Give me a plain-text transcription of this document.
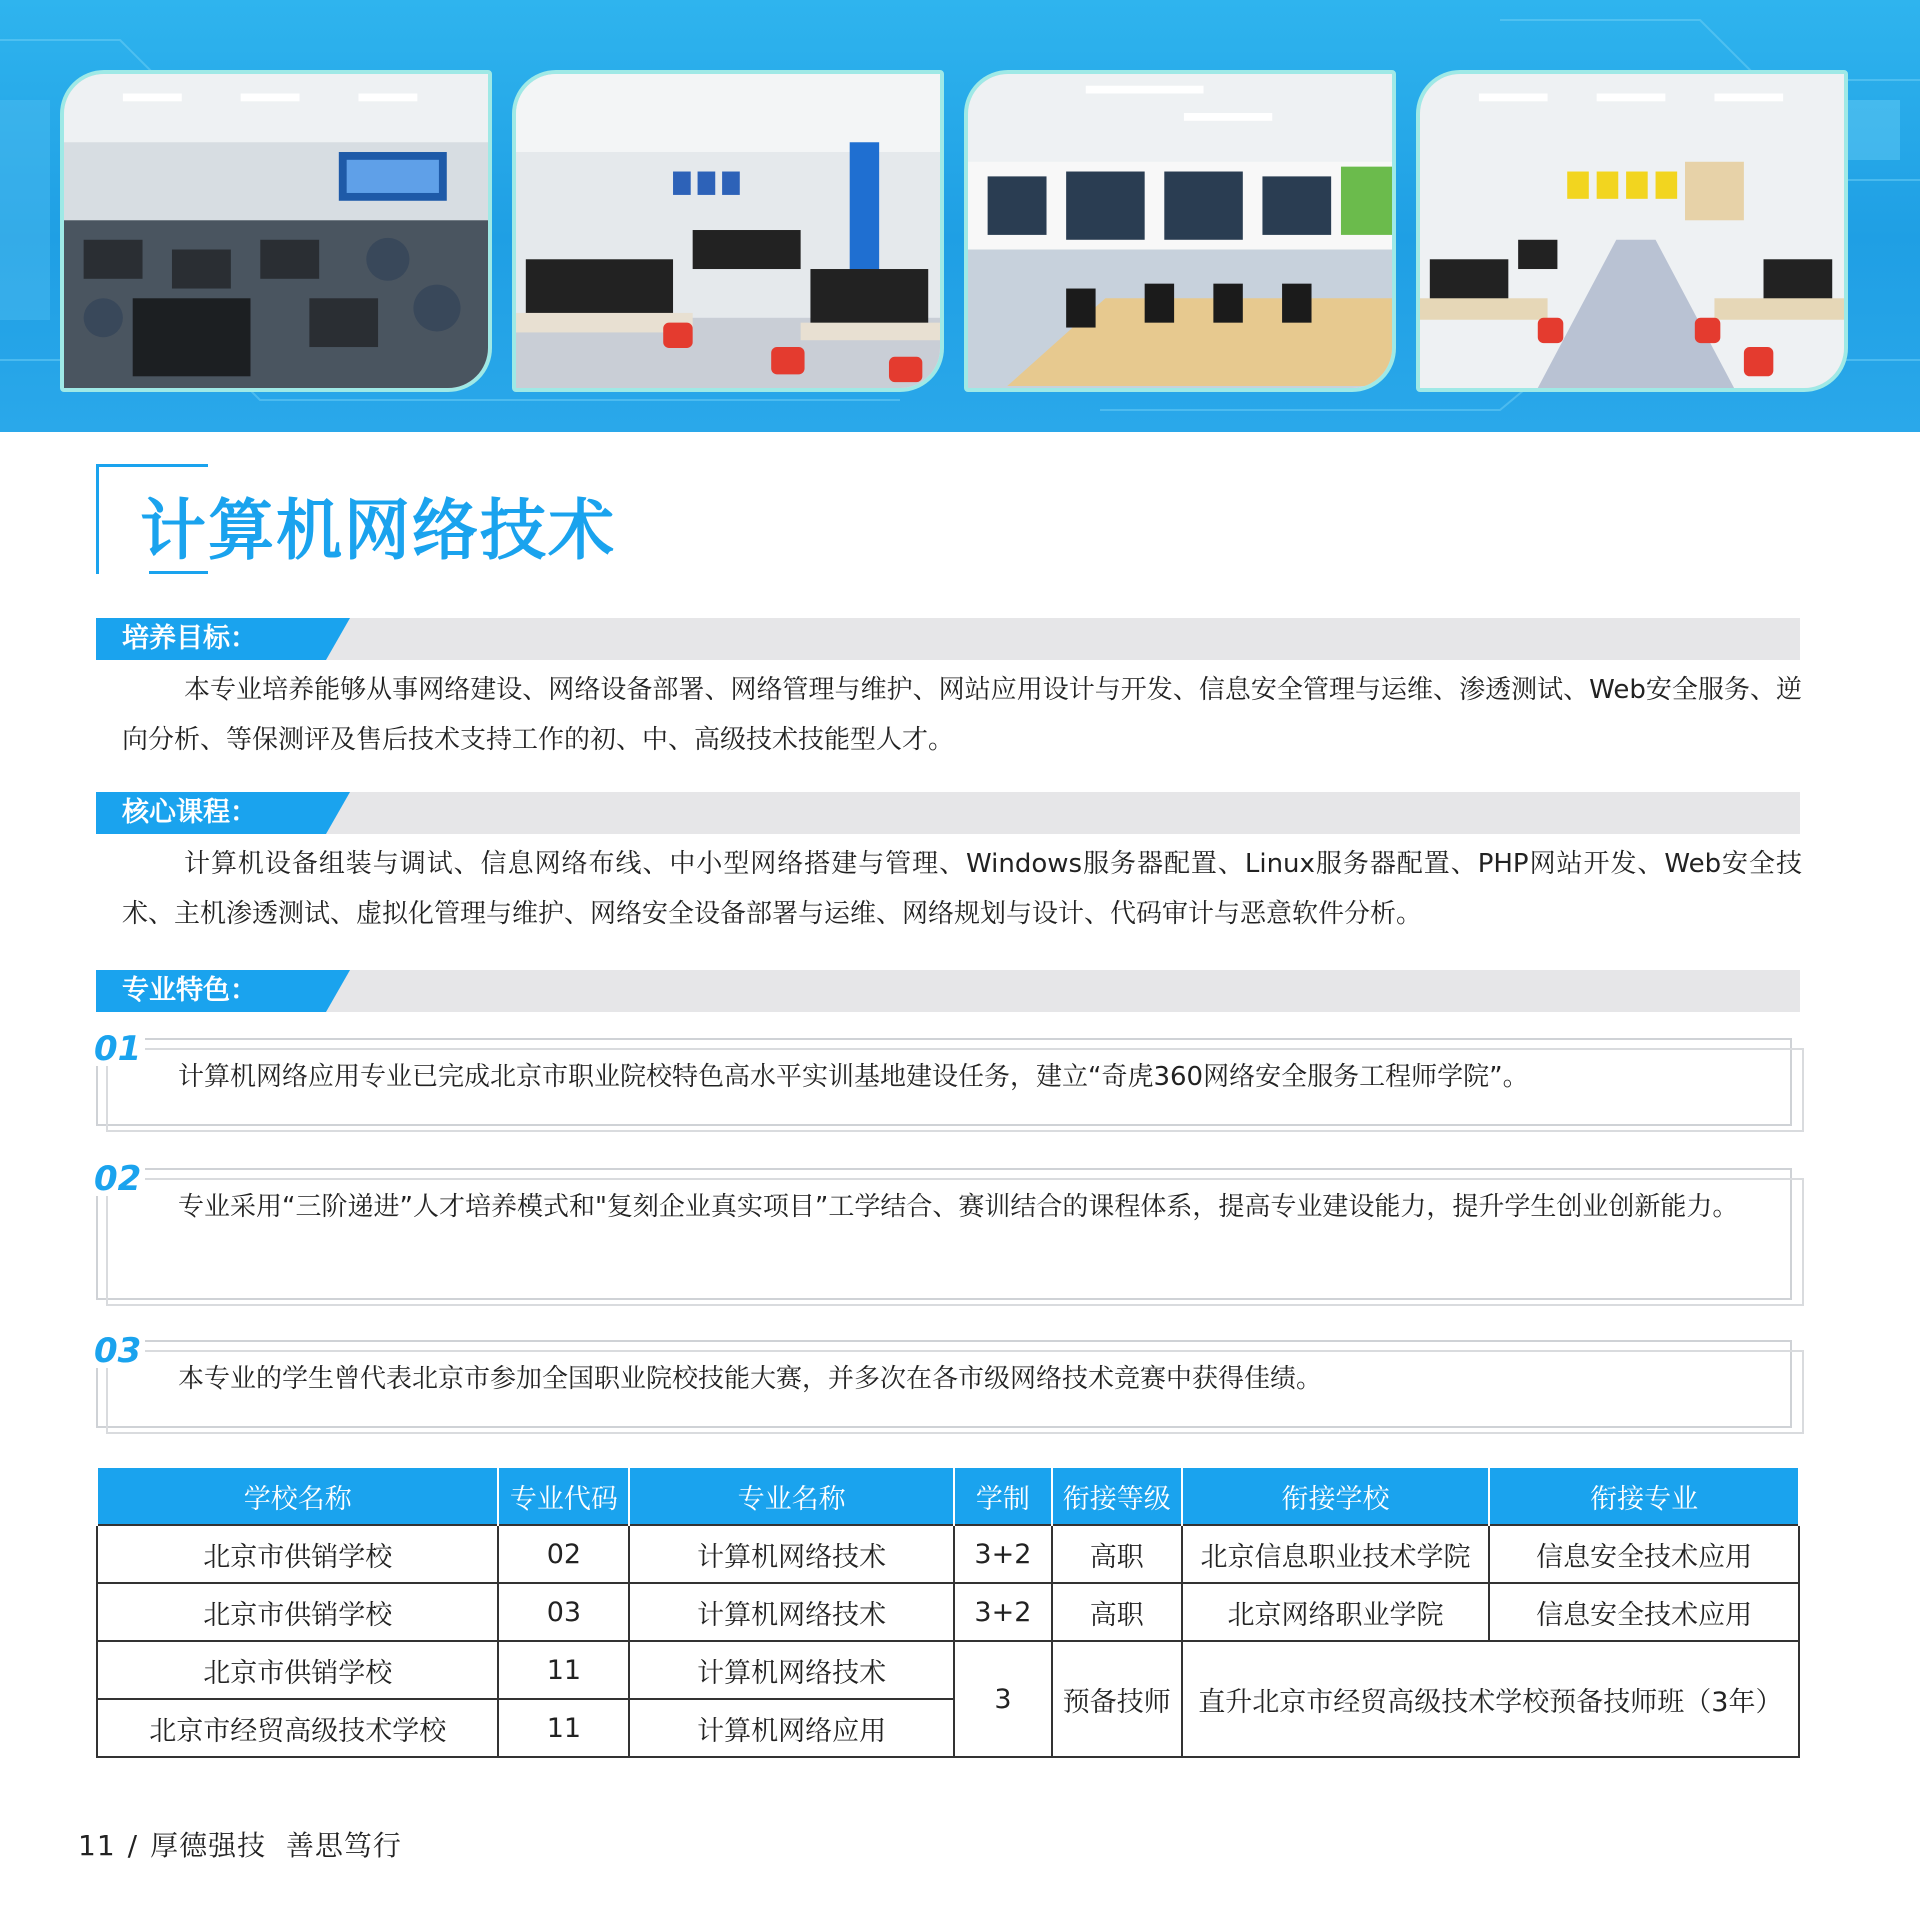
计算机网络技术
培养目标：
本专业培养能够从事网络建设、网络设备部署、网络管理与维护、网站应用设计与开发、信息安全管理与运维、渗透测试、Web安全服务、逆向分析、等保测评及售后技术支持工作的初、中、高级技术技能型人才。
核心课程：
计算机设备组装与调试、信息网络布线、中小型网络搭建与管理、Windows服务器配置、Linux服务器配置、PHP网站开发、Web安全技术、主机渗透测试、虚拟化管理与维护、网络安全设备部署与运维、网络规划与设计、代码审计与恶意软件分析。
专业特色：
计算机网络应用专业已完成北京市职业院校特色高水平实训基地建设任务，建立“奇虎360网络安全服务工程师学院”。
01
专业采用“三阶递进”人才培养模式和"复刻企业真实项目”工学结合、赛训结合的课程体系，提高专业建设能力，提升学生创业创新能力。
02
本专业的学生曾代表北京市参加全国职业院校技能大赛，并多次在各市级网络技术竞赛中获得佳绩。
03
学校名称	专业代码	专业名称	学制	衔接等级	衔接学校	衔接专业
北京市供销学校	02	计算机网络技术	3+2	高职	北京信息职业技术学院	信息安全技术应用
北京市供销学校	03	计算机网络技术	3+2	高职	北京网络职业学院	信息安全技术应用
北京市供销学校	11	计算机网络技术	3	预备技师	直升北京市经贸高级技术学校预备技师班（3年）	
北京市经贸高级技术学校	11	计算机网络应用				
11 / 厚德强技  善思笃行
